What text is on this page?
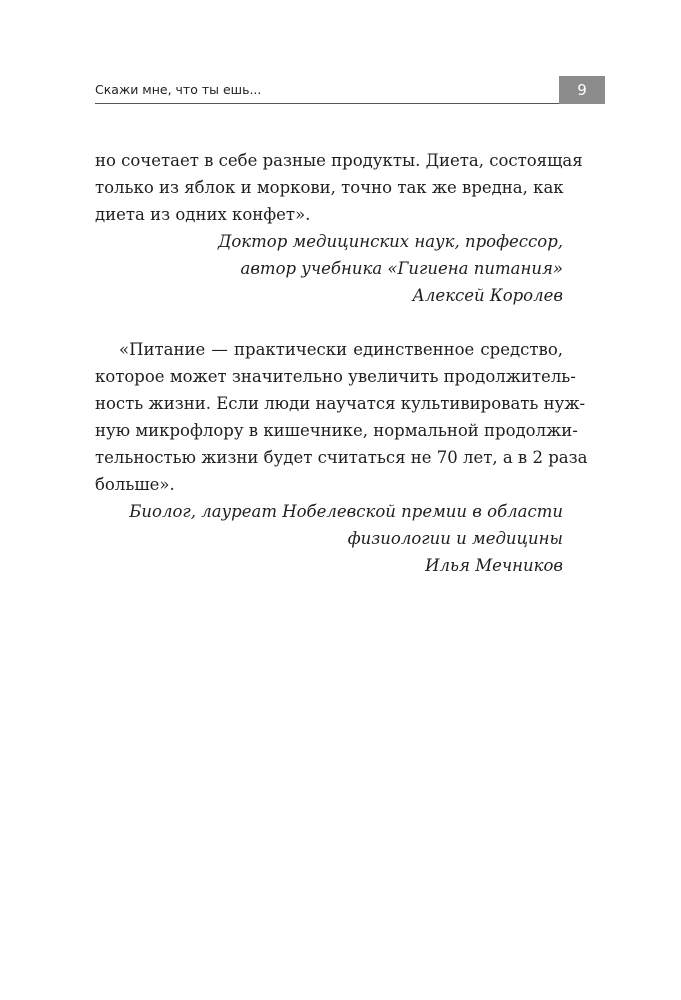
Скажи мне, что ты ешь...	9
но сочетает в себе разные продукты. Диета, состоящая
только из яблок и моркови, точно так же вредна, как
диета из одних конфет».
Доктор медицинских наук, профессор,
автор учебника «Гигиена питания»
Алексей Королев
«Питание — практически единственное средство,
которое может значительно увеличить продолжитель-
ность жизни. Если люди научатся культивировать нуж-
ную микрофлору в кишечнике, нормальной продолжи-
тельностью жизни будет считаться не 70 лет, а в 2 раза
больше».
Биолог, лауреат Нобелевской премии в области
физиологии и медицины
Илья Мечников
